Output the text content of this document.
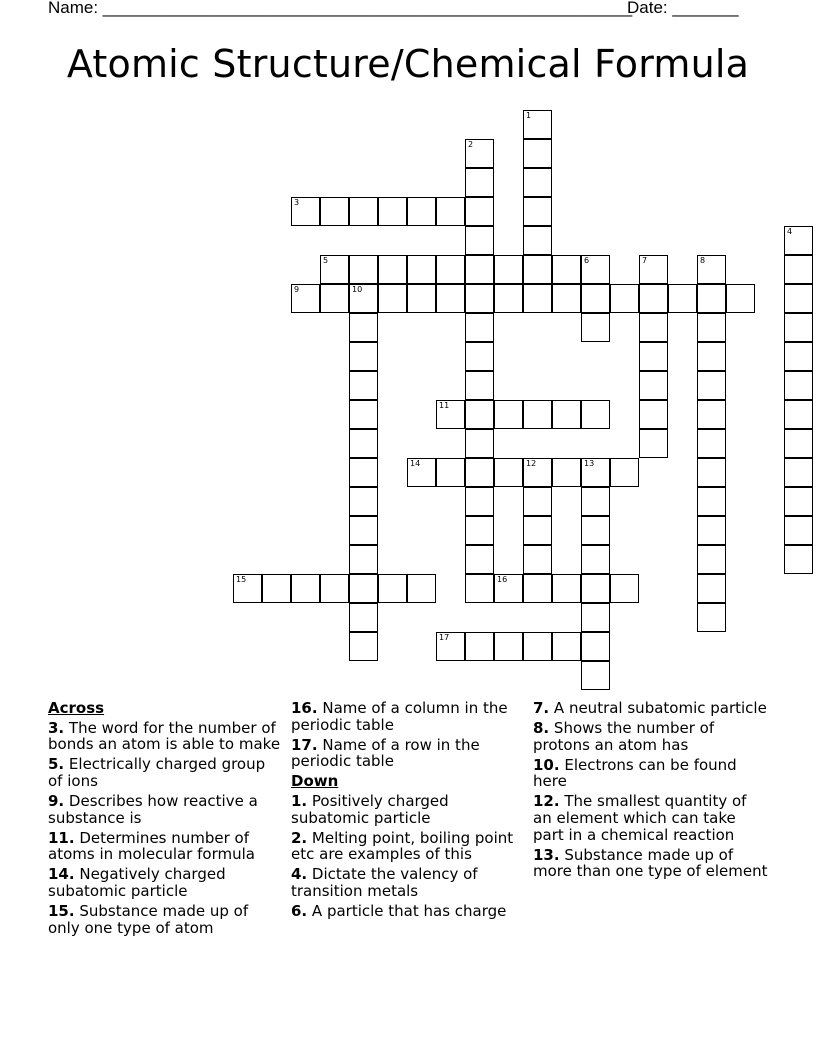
Name: ________________________________________________________
Date: _______
Atomic Structure/Chemical Formula
3
5
9	10
11
14	12	13
15	16
17
1
2
4
6	7	8
Across
3. The word for the number of bonds an atom is able to make
5. Electrically charged group of ions
9. Describes how reactive a substance is
11. Determines number of atoms in molecular formula
14. Negatively charged subatomic particle
15. Substance made up of only one type of atom
16. Name of a column in the periodic table
17. Name of a row in the periodic table
Down
1. Positively charged subatomic particle
2. Melting point, boiling point etc are examples of this
4. Dictate the valency of transition metals
6. A particle that has charge
7. A neutral subatomic particle
8. Shows the number of protons an atom has
10. Electrons can be found here
12. The smallest quantity of an element which can take part in a chemical reaction
13. Substance made up of more than one type of element
